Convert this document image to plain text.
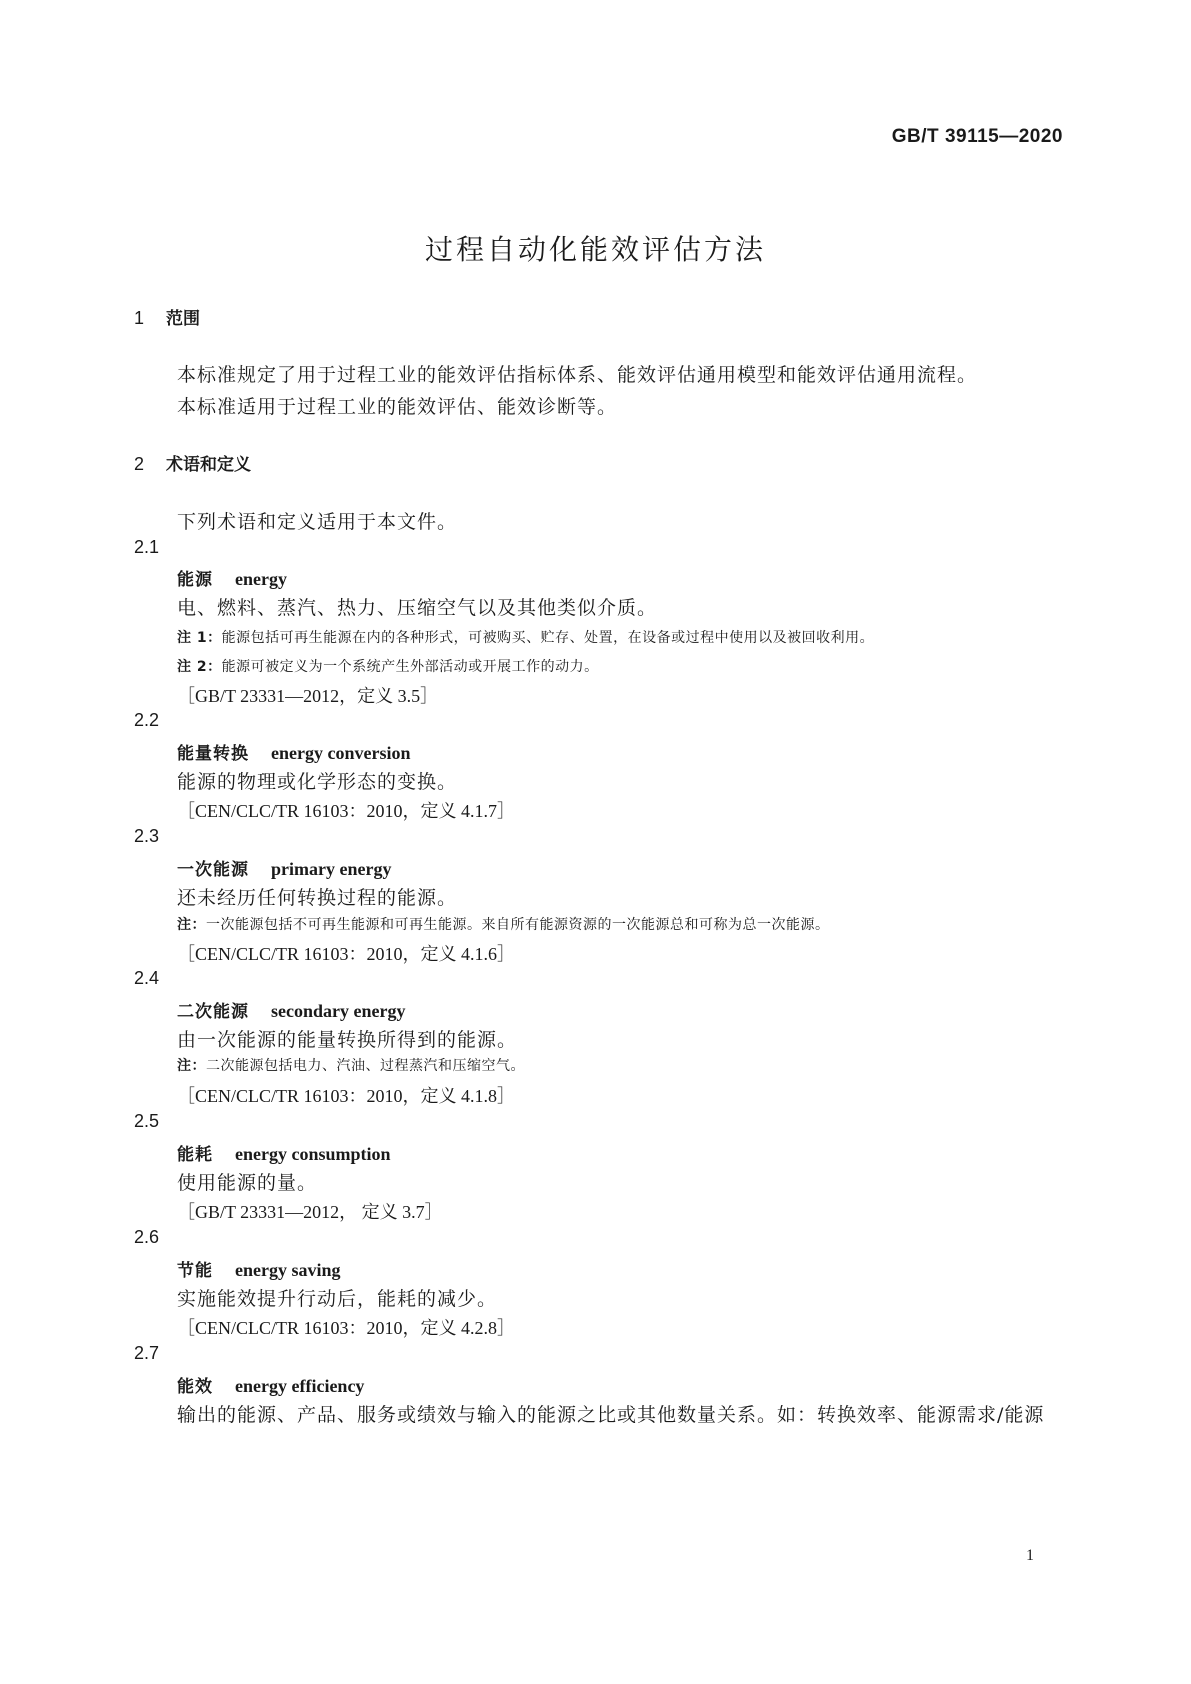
GB/T 39115—2020
过程自动化能效评估方法
1 范围
本标准规定了用于过程工业的能效评估指标体系、能效评估通用模型和能效评估通用流程。
本标准适用于过程工业的能效评估、能效诊断等。
2 术语和定义
下列术语和定义适用于本文件。
2.1
能源 energy
电、燃料、蒸汽、热力、压缩空气以及其他类似介质。
注 1：能源包括可再生能源在内的各种形式，可被购买、贮存、处置，在设备或过程中使用以及被回收利用。
注 2：能源可被定义为一个系统产生外部活动或开展工作的动力。
［GB/T 23331—2012，定义 3.5］
2.2
能量转换 energy conversion
能源的物理或化学形态的变换。
［CEN/CLC/TR 16103：2010，定义 4.1.7］
2.3
一次能源 primary energy
还未经历任何转换过程的能源。
注：一次能源包括不可再生能源和可再生能源。来自所有能源资源的一次能源总和可称为总一次能源。
［CEN/CLC/TR 16103：2010，定义 4.1.6］
2.4
二次能源 secondary energy
由一次能源的能量转换所得到的能源。
注：二次能源包括电力、汽油、过程蒸汽和压缩空气。
［CEN/CLC/TR 16103：2010，定义 4.1.8］
2.5
能耗 energy consumption
使用能源的量。
［GB/T 23331—2012， 定义 3.7］
2.6
节能 energy saving
实施能效提升行动后，能耗的减少。
［CEN/CLC/TR 16103：2010，定义 4.2.8］
2.7
能效 energy efficiency
输出的能源、产品、服务或绩效与输入的能源之比或其他数量关系。如：转换效率、能源需求/能源
1
